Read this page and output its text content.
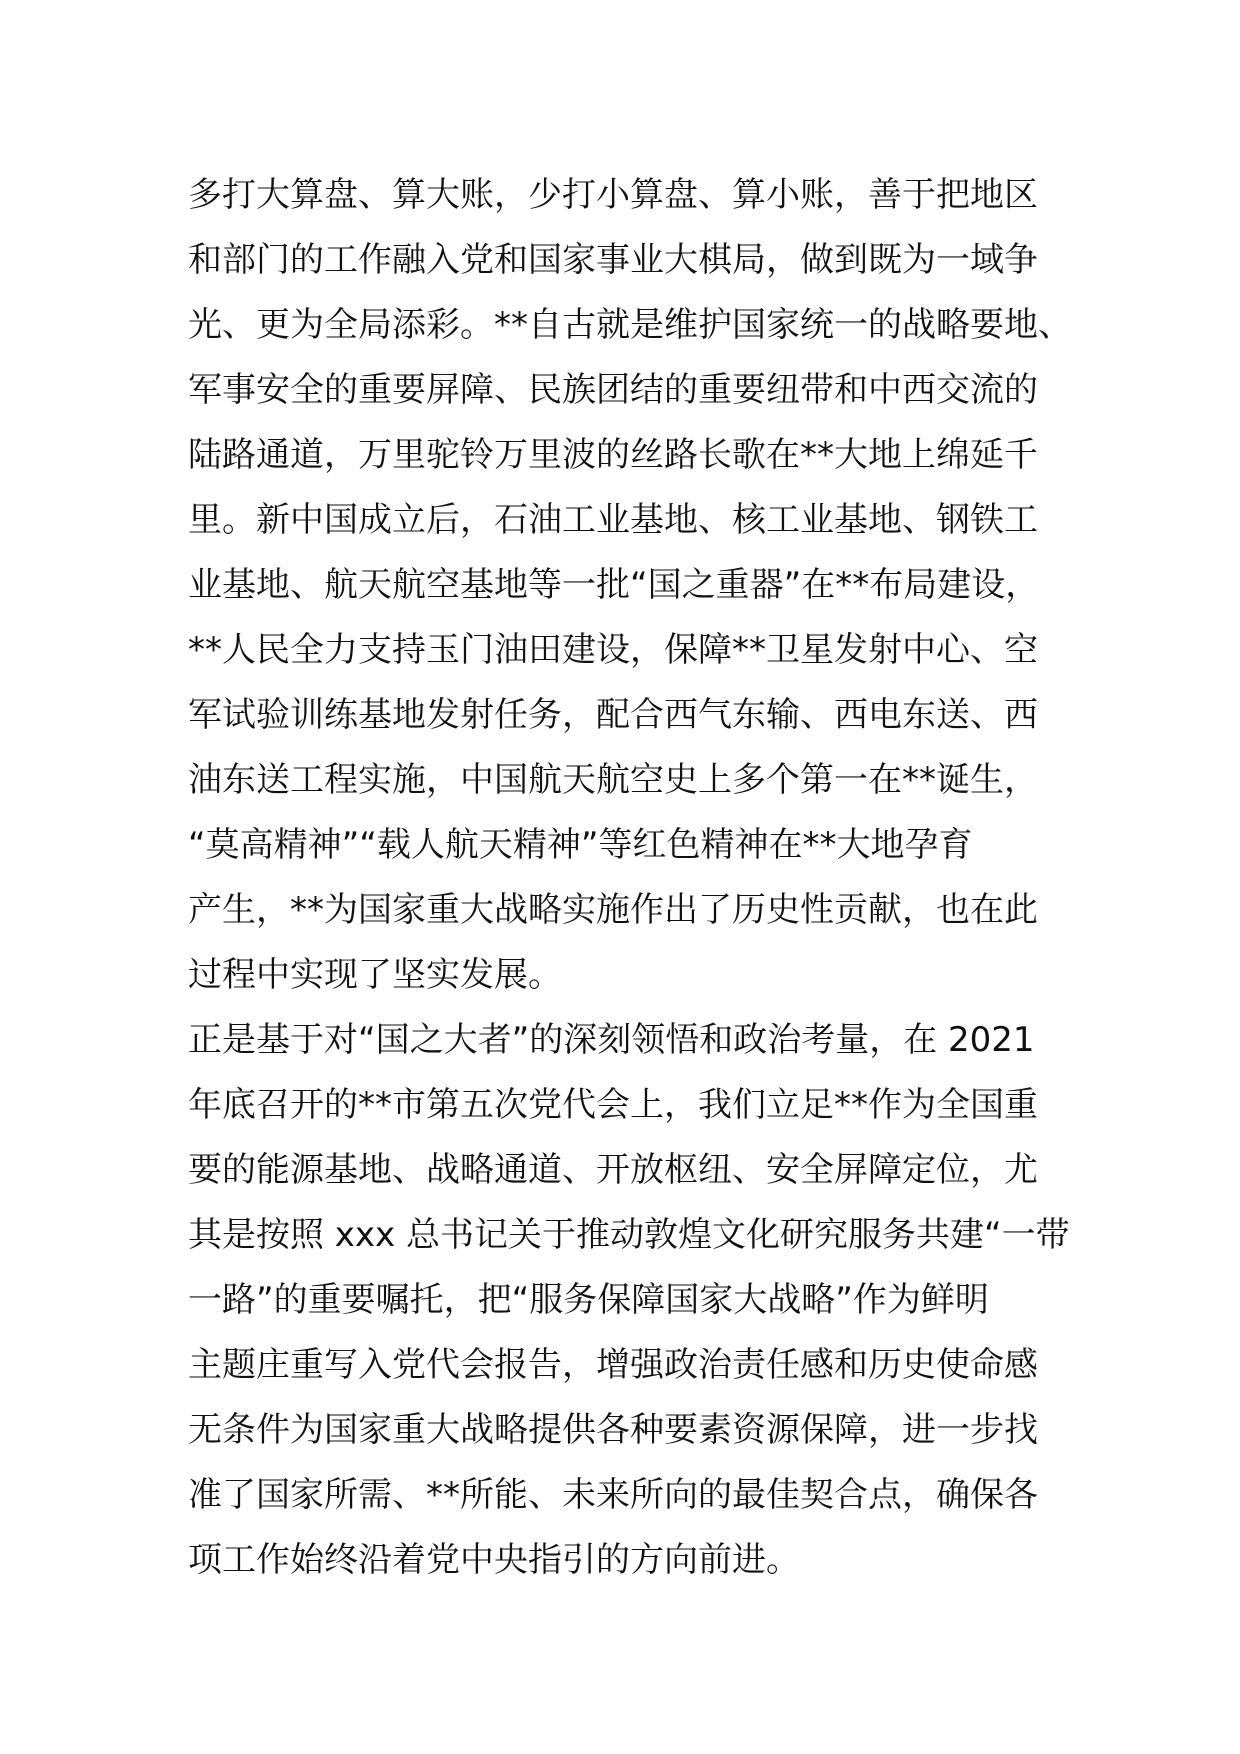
多打大算盘、算大账，少打小算盘、算小账，善于把地区
和部门的工作融入党和国家事业大棋局，做到既为一域争
光、更为全局添彩。**自古就是维护国家统一的战略要地、
军事安全的重要屏障、民族团结的重要纽带和中西交流的
陆路通道，万里驼铃万里波的丝路长歌在**大地上绵延千
里。新中国成立后，石油工业基地、核工业基地、钢铁工
业基地、航天航空基地等一批“国之重器”在**布局建设，
**人民全力支持玉门油田建设，保障**卫星发射中心、空
军试验训练基地发射任务，配合西气东输、西电东送、西
油东送工程实施，中国航天航空史上多个第一在**诞生，
“莫高精神”“载人航天精神”等红色精神在**大地孕育
产生，**为国家重大战略实施作出了历史性贡献，也在此
过程中实现了坚实发展。
正是基于对“国之大者”的深刻领悟和政治考量，在 2021
年底召开的**市第五次党代会上，我们立足**作为全国重
要的能源基地、战略通道、开放枢纽、安全屏障定位，尤
其是按照 xxx 总书记关于推动敦煌文化研究服务共建“一带
一路”的重要嘱托，把“服务保障国家大战略”作为鲜明
主题庄重写入党代会报告，增强政治责任感和历史使命感
无条件为国家重大战略提供各种要素资源保障，进一步找
准了国家所需、**所能、未来所向的最佳契合点，确保各
项工作始终沿着党中央指引的方向前进。
